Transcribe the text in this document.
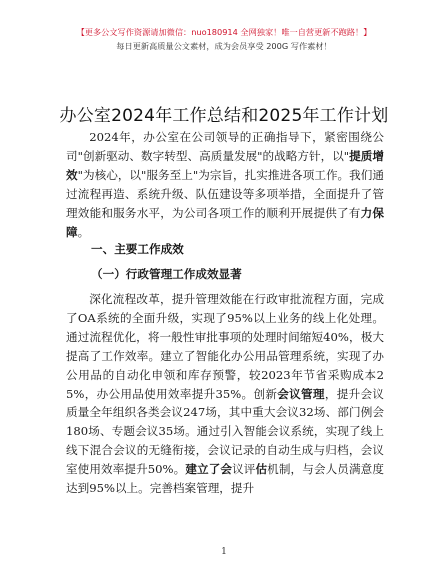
【更多公文写作资源请加微信：nuo180914 全网独家！唯一自营更新不跑路！】
每日更新高质量公文素材，成为会员享受 200G 写作素材！
办公室2024年工作总结和2025年工作计划

2024年，办公室在公司领导的正确指导下，紧密围绕公司"创新驱动、数字转型、高质量发展"的战略方针，以"提质增效"为核心，以"服务至上"为宗旨，扎实推进各项工作。我们通过流程再造、系统升级、队伍建设等多项举措，全面提升了管理效能和服务水平，为公司各项工作的顺利开展提供了有力保障。

一、主要工作成效
（一）行政管理工作成效显著

深化流程改革，提升管理效能在行政审批流程方面，完成了OA系统的全面升级，实现了95%以上业务的线上化处理。通过流程优化，将一般性审批事项的处理时间缩短40%，极大提高了工作效率。建立了智能化办公用品管理系统，实现了办公用品的自动化申领和库存预警，较2023年节省采购成本25%，办公用品使用效率提升35%。创新会议管理，提升会议质量全年组织各类会议247场，其中重大会议32场、部门例会180场、专题会议35场。通过引入智能会议系统，实现了线上线下混合会议的无缝衔接，会议记录的自动生成与归档，会议室使用效率提升50%。建立了会议评估机制，与会人员满意度达到95%以上。完善档案管理，提升

1
